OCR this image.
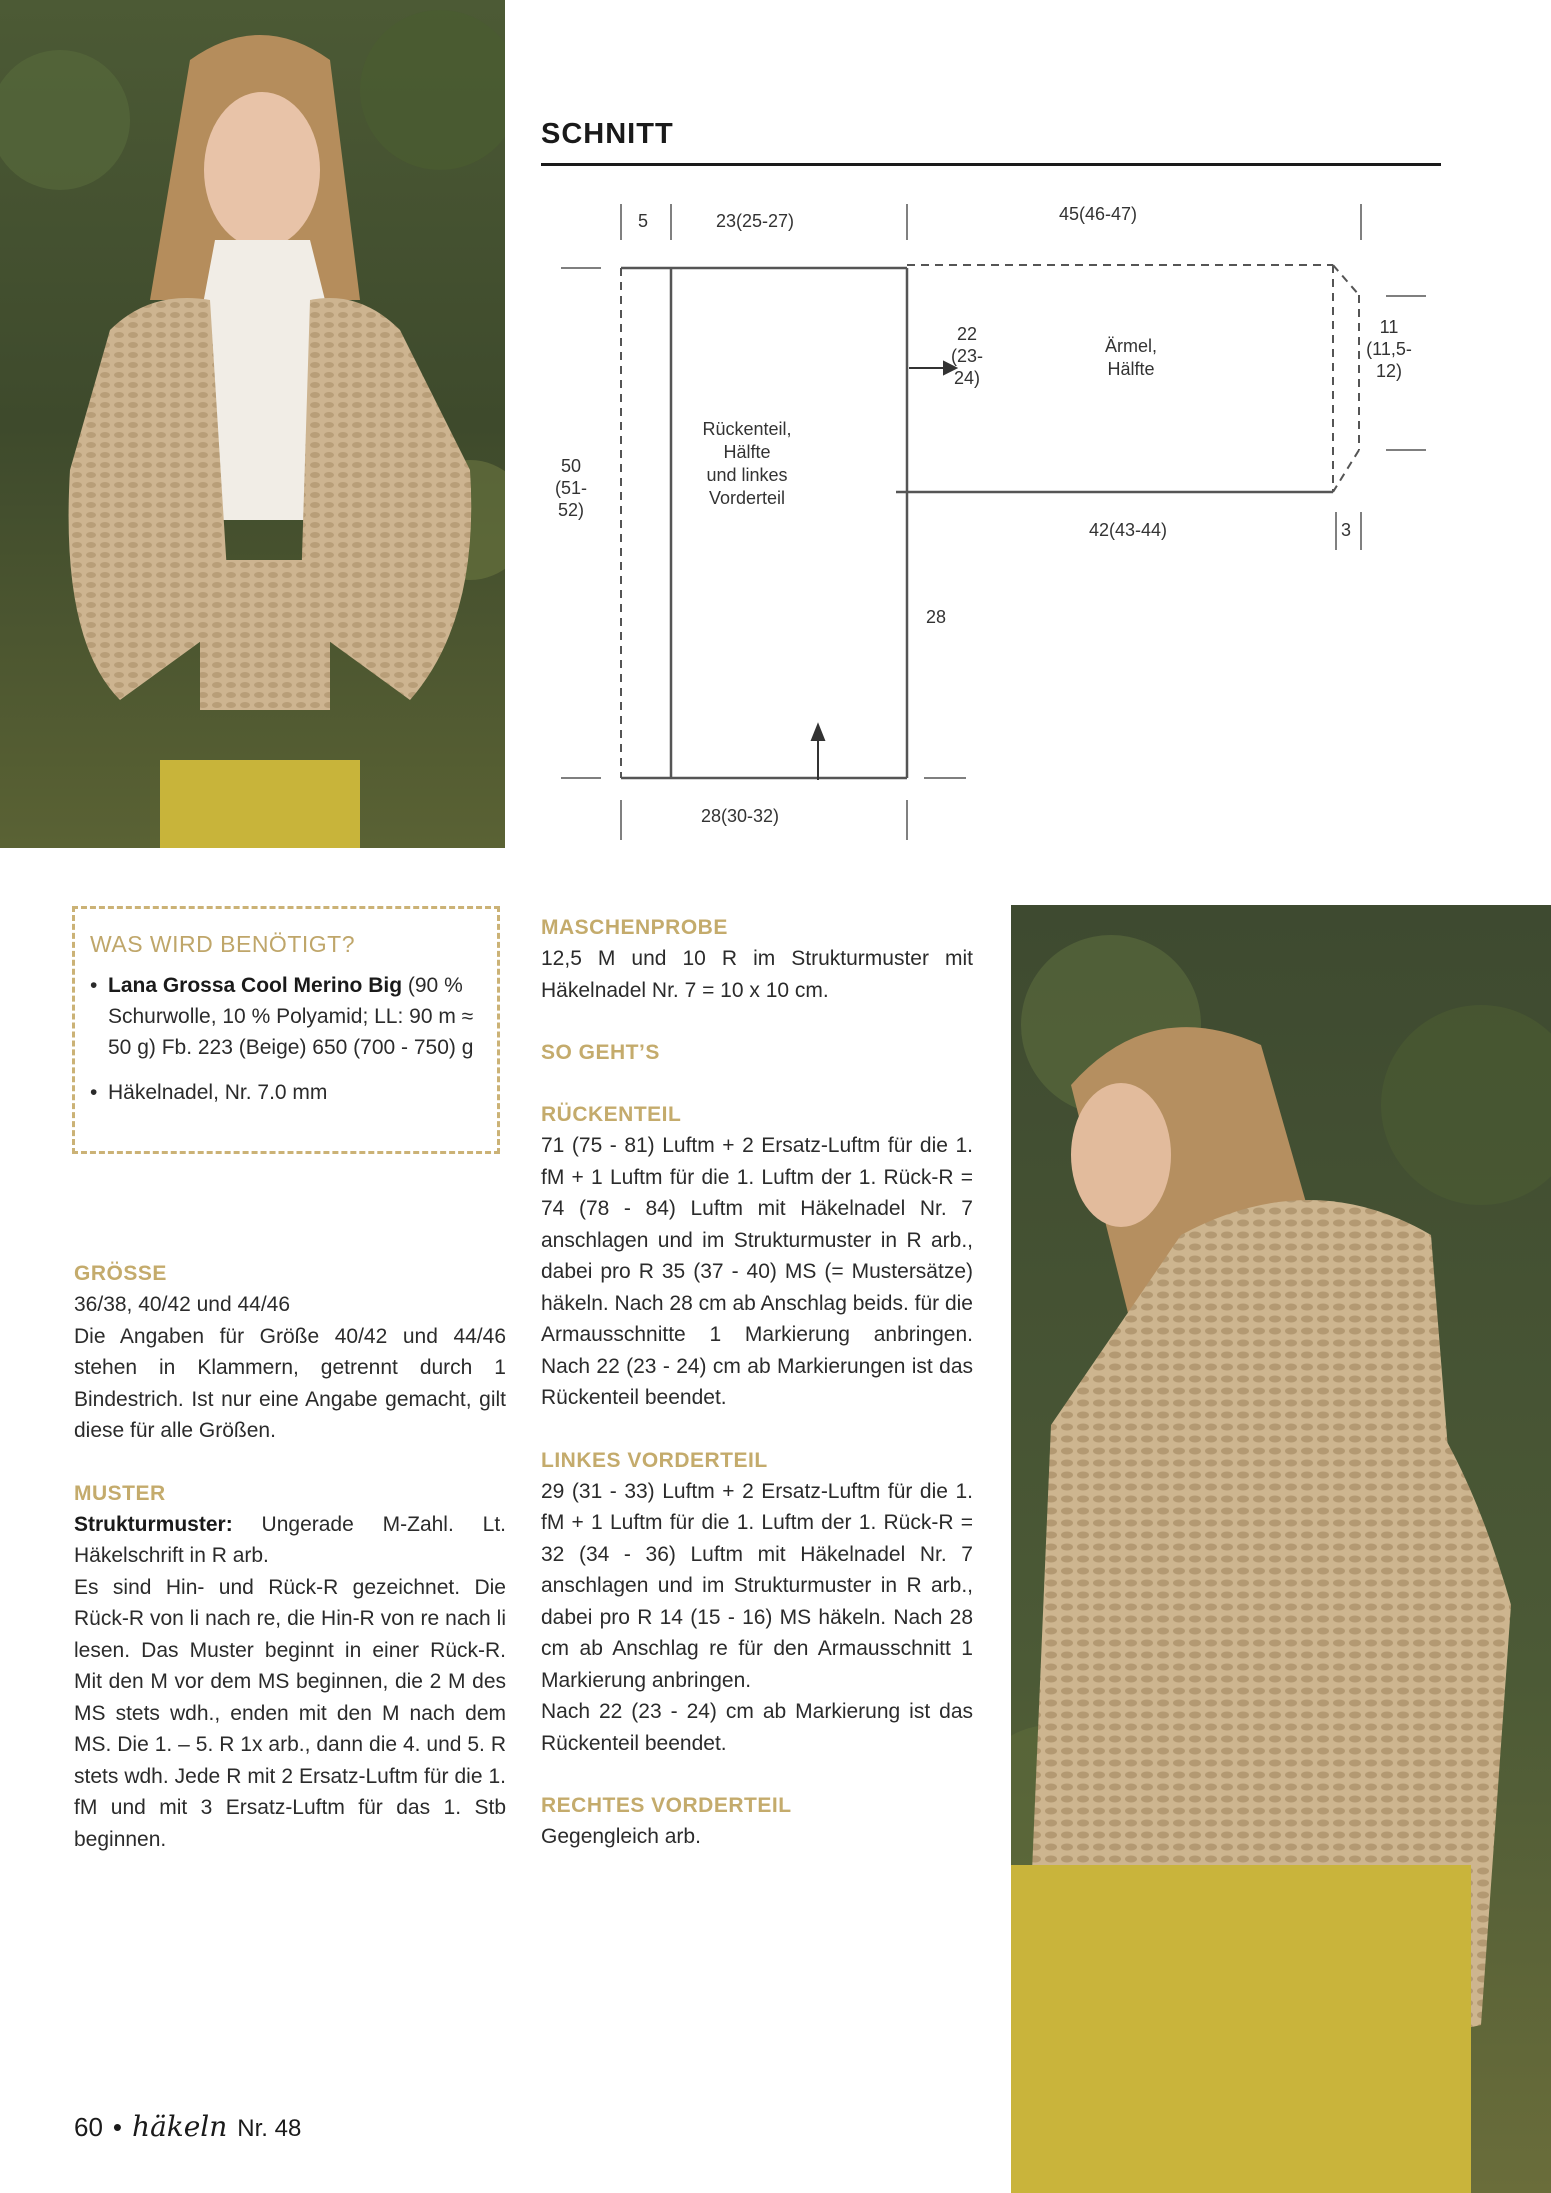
SCHNITT
5	23(25-27)	45(46-47)
22
(23-
24)
Ärmel,
Hälfte
11
(11,5-
12)
Rückenteil,
Hälfte
und linkes
Vorderteil
50
(51-
52)
42(43-44)	3
28
28(30-32)
WAS WIRD BENÖTIGT?
• Lana Grossa Cool Merino Big (90 % Schurwolle, 10 % Polyamid; LL: 90 m ≈ 50 g) Fb. 223 (Beige) 650 (700 - 750) g
• Häkelnadel, Nr. 7.0 mm

GRÖSSE

36/38, 40/42 und 44/46

Die Angaben für Größe 40/42 und 44/46 stehen in Klammern, getrennt durch 1 Bindestrich. Ist nur eine Angabe gemacht, gilt diese für alle Größen.

MUSTER

Strukturmuster: Ungerade M-Zahl. Lt. Häkelschrift in R arb.

Es sind Hin- und Rück-R gezeichnet. Die Rück-R von li nach re, die Hin-R von re nach li lesen. Das Muster beginnt in einer Rück-R. Mit den M vor dem MS beginnen, die 2 M des MS stets wdh., enden mit den M nach dem MS. Die 1. – 5. R 1x arb., dann die 4. und 5. R stets wdh. Jede R mit 2 Ersatz-Luftm für die 1. fM und mit 3 Ersatz-Luftm für das 1. Stb beginnen.

MASCHENPROBE

12,5 M und 10 R im Strukturmuster mit Häkelnadel Nr. 7 = 10 x 10 cm.

SO GEHT’S

RÜCKENTEIL

71 (75 - 81) Luftm + 2 Ersatz-Luftm für die 1. fM + 1 Luftm für die 1. Luftm der 1. Rück-R = 74 (78 - 84) Luftm mit Häkelnadel Nr. 7 anschlagen und im Strukturmuster in R arb., dabei pro R 35 (37 - 40) MS (= Mustersätze) häkeln. Nach 28 cm ab Anschlag beids. für die Armausschnitte 1 Markierung anbringen. Nach 22 (23 - 24) cm ab Markierungen ist das Rückenteil beendet.

LINKES VORDERTEIL

29 (31 - 33) Luftm + 2 Ersatz-Luftm für die 1. fM + 1 Luftm für die 1. Luftm der 1. Rück-R = 32 (34 - 36) Luftm mit Häkelnadel Nr. 7 anschlagen und im Strukturmuster in R arb., dabei pro R 14 (15 - 16) MS häkeln. Nach 28 cm ab Anschlag re für den Armausschnitt 1 Markierung anbringen.

Nach 22 (23 - 24) cm ab Markierung ist das Rückenteil beendet.

RECHTES VORDERTEIL

Gegengleich arb.

60 • häkeln Nr. 48
